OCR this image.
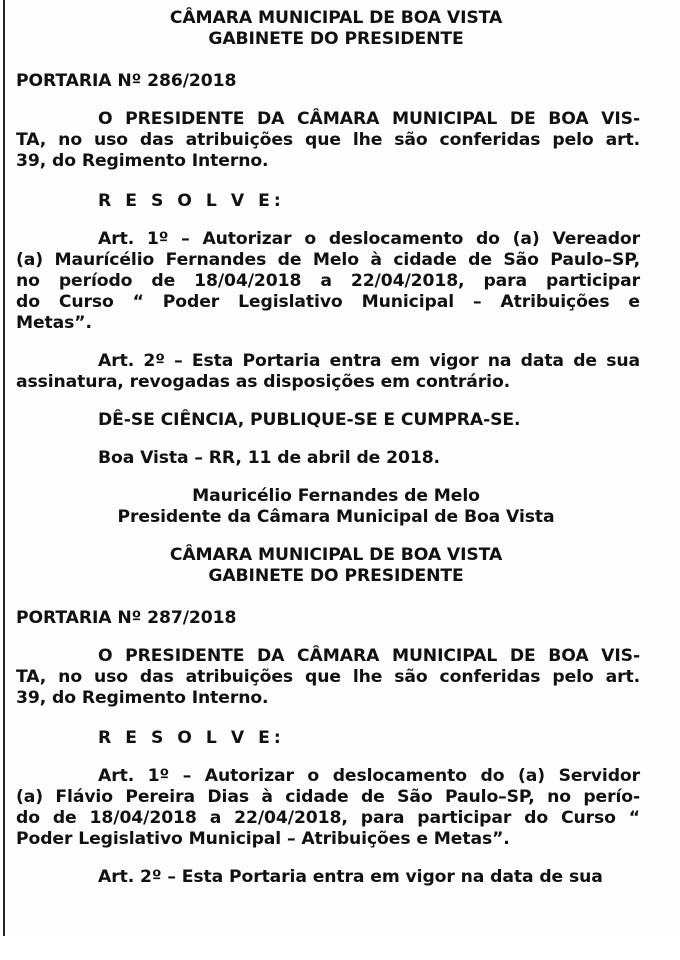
CÂMARA MUNICIPAL DE BOA VISTA
GABINETE DO PRESIDENTE
PORTARIA Nº 286/2018
O PRESIDENTE DA CÂMARA MUNICIPAL DE BOA VIS-
TA, no uso das atribuições que lhe são conferidas pelo art.
39, do Regimento Interno.
R E S O L V E:
Art. 1º – Autorizar o deslocamento do (a) Vereador
(a) Maurícélio Fernandes de Melo à cidade de São Paulo–SP,
no período de 18/04/2018 a 22/04/2018, para participar
do Curso “ Poder Legislativo Municipal – Atribuições e
Metas”.
Art. 2º – Esta Portaria entra em vigor na data de sua
assinatura, revogadas as disposições em contrário.
DÊ-SE CIÊNCIA, PUBLIQUE-SE E CUMPRA-SE.
Boa Vista – RR, 11 de abril de 2018.
Mauricélio Fernandes de Melo
Presidente da Câmara Municipal de Boa Vista
CÂMARA MUNICIPAL DE BOA VISTA
GABINETE DO PRESIDENTE
PORTARIA Nº 287/2018
O PRESIDENTE DA CÂMARA MUNICIPAL DE BOA VIS-
TA, no uso das atribuições que lhe são conferidas pelo art.
39, do Regimento Interno.
R E S O L V E:
Art. 1º – Autorizar o deslocamento do (a) Servidor
(a) Flávio Pereira Dias à cidade de São Paulo–SP, no perío-
do de 18/04/2018 a 22/04/2018, para participar do Curso “
Poder Legislativo Municipal – Atribuições e Metas”.
Art. 2º – Esta Portaria entra em vigor na data de sua
